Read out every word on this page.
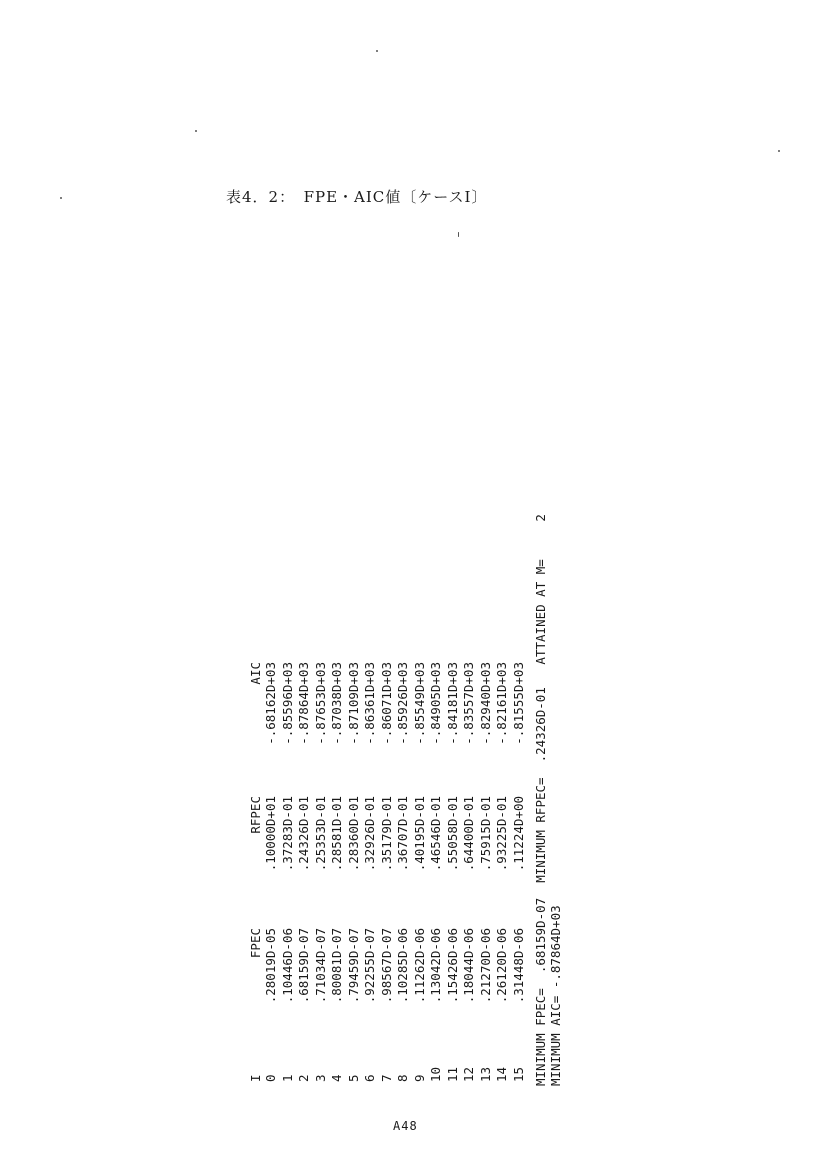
表4．2：　FPE・AIC値〔ケースI〕

I

FPEC

RFPEC

AIC

0
.28019D-05
.10000D+01
-.68162D+03
1
.10446D-06
.37283D-01
-.85596D+03
2
.68159D-07
.24326D-01
-.87864D+03
3
.71034D-07
.25353D-01
-.87653D+03
4
.80081D-07
.28581D-01
-.87038D+03
5
.79459D-07
.28360D-01
-.87109D+03
6
.92255D-07
.32926D-01
-.86361D+03
7
.98567D-07
.35179D-01
-.86071D+03
8
.10285D-06
.36707D-01
-.85926D+03
9
.11262D-06
.40195D-01
-.85549D+03
10
.13042D-06
.46546D-01
-.84905D+03
11
.15426D-06
.55058D-01
-.84181D+03
12
.18044D-06
.64400D-01
-.83557D+03
13
.21270D-06
.75915D-01
-.82940D+03
14
.26120D-06
.93225D-01
-.82161D+03
15
.31448D-06
.11224D+00
-.81555D+03 MINIMUM FPEC=  .68159D-07  MINIMUM RFPEC=  .24326D-01   ATTAINED AT M=     2 MINIMUM AIC= -.87864D+03
A48
